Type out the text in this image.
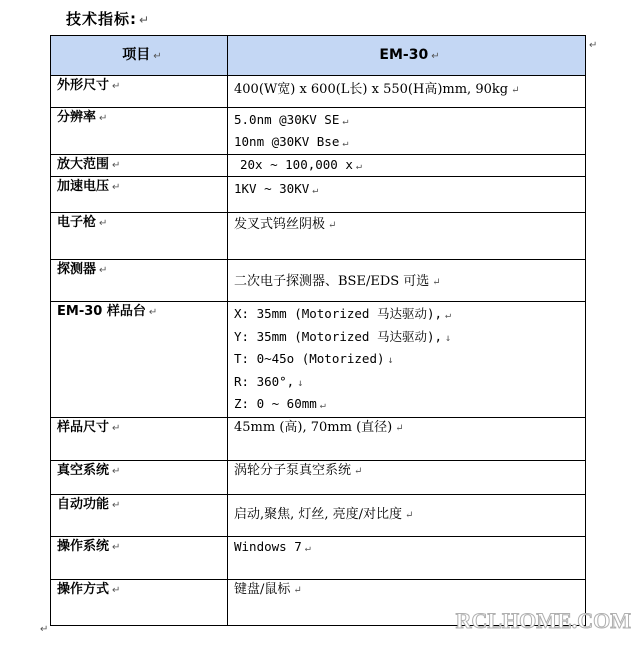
技术指标: ↵
项目 ↵	EM-30 ↵
外形尺寸 ↵	400(W宽) x 600(L长) x 550(H高)mm, 90kg ↵
分辨率 ↵	5.0nm @30KV SE ↵
10nm @30KV Bse ↵

放大范围 ↵	20x ~ 100,000 x ↵
加速电压 ↵	1KV ~ 30KV ↵
电子枪 ↵	发叉式钨丝阴极 ↵
探测器 ↵	二次电子探测器、BSE/EDS 可选 ↵
EM-30 样品台 ↵	X: 35mm (Motorized 马达驱动), ↵
Y: 35mm (Motorized 马达驱动), ↓
T: 0~45o (Motorized) ↓
R: 360°, ↓
Z: 0 ~ 60mm ↵

样品尺寸 ↵	45mm (高), 70mm (直径) ↵
真空系统 ↵	涡轮分子泵真空系统 ↵
自动功能 ↵	启动,聚焦, 灯丝, 亮度/对比度 ↵
操作系统 ↵	Windows 7 ↵
操作方式 ↵	键盘/鼠标 ↵
↵
↵	RCLHOME.COM
